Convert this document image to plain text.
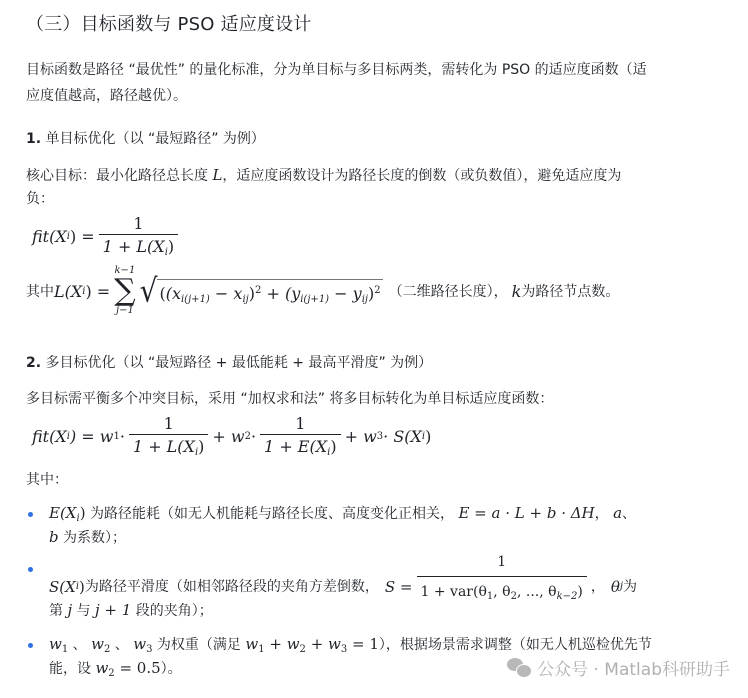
（三）目标函数与 PSO 适应度设计
目标函数是路径 “最优性” 的量化标准，分为单目标与多目标两类，需转化为 PSO 的适应度函数（适
应度值越高，路径越优）。
1. 单目标优化（以 “最短路径” 为例）
核心目标：最小化路径总长度 L，适应度函数设计为路径长度的倒数（或负数值），避免适应度为
负：
fit(X i ) = $\frac{1}{1 + L(X_i)}$
其中 L(X i ) =
k−1
∑
j−1
√ ($(x_{i(j+1)} - x_{ij})^2 + (y_{i(j+1)} - y_{ij})^2$ （二维路径长度）， k 为路径节点数。
2. 多目标优化（以 “最短路径 + 最低能耗 + 最高平滑度” 为例）
多目标需平衡多个冲突目标，采用 “加权求和法” 将多目标转化为单目标适应度函数：
fit(X i ) = w $1 \cdot \frac{1}{1 + L(X_i)} + w$ $2 \cdot \frac{1}{1 + E(X_i)} + w$ 3 · S(X i )
其中：
$E(X_i)$ 为路径能耗（如无人机能耗与路径长度、高度变化正相关， E = a · L + b · ΔH， a、
b 为系数）；
S(X i ) 为路径平滑度（如相邻路径段的夹角方差倒数， $S = \frac{1}{1 + var(\theta_1, \theta_2, ..., \theta_{k-2})}$ ， θ j 为
第 j 与 j + 1 段的夹角）；
$w_1$ 、 $w_2$ 、 $w_3$ 为权重（满足 $w_1 + w_2 + w_3 = 1$），根据场景需求调整（如无人机巡检优先节
能，设 $w_2 = 0.5$）。	公众号 · Matlab科研助手
